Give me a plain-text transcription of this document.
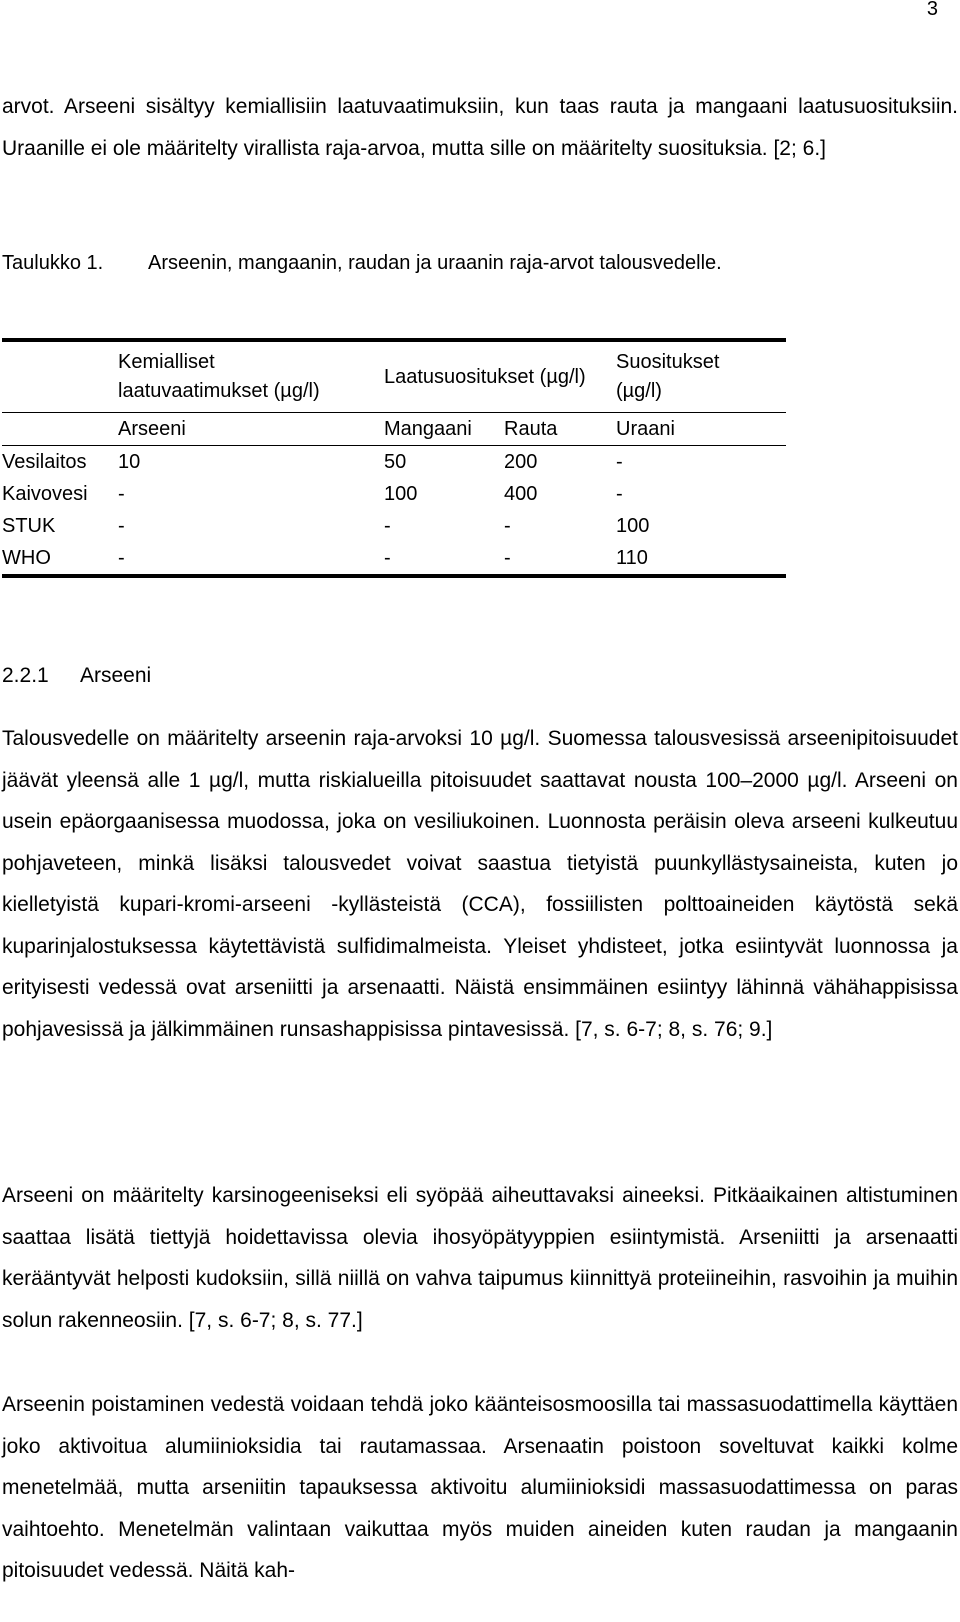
3

arvot. Arseeni sisältyy kemiallisiin laatuvaatimuksiin, kun taas rauta ja mangaani laatusuosituksiin. Uraanille ei ole määritelty virallista raja-arvoa, mutta sille on määritelty suosituksia. [2; 6.]

Taulukko 1. Arseenin, mangaanin, raudan ja uraanin raja-arvot talousvedelle.

	Kemialliset laatuvaatimukset (µg/l)	Laatusuositukset (µg/l)		Suositukset (µg/l)

	Arseeni	Mangaani	Rauta	Uraani
Vesilaitos	10	50	200	-
Kaivovesi	-	100	400	-
STUK	-	-	-	100
WHO	-	-	-	110
2.2.1 Arseeni

Talousvedelle on määritelty arseenin raja-arvoksi 10 µg/l. Suomessa talousvesissä arseenipitoisuudet jäävät yleensä alle 1 µg/l, mutta riskialueilla pitoisuudet saattavat nousta 100–2000 µg/l. Arseeni on usein epäorgaanisessa muodossa, joka on vesiliukoinen. Luonnosta peräisin oleva arseeni kulkeutuu pohjaveteen, minkä lisäksi talousvedet voivat saastua tietyistä puunkyllästysaineista, kuten jo kielletyistä kupari-kromi-arseeni -kyllästeistä (CCA), fossiilisten polttoaineiden käytöstä sekä kuparinjalostuksessa käytettävistä sulfidimalmeista. Yleiset yhdisteet, jotka esiintyvät luonnossa ja erityisesti vedessä ovat arseniitti ja arsenaatti. Näistä ensimmäinen esiintyy lähinnä vähähappisissa pohjavesissä ja jälkimmäinen runsashappisissa pintavesissä. [7, s. 6-7; 8, s. 76; 9.]

Arseeni on määritelty karsinogeeniseksi eli syöpää aiheuttavaksi aineeksi. Pitkäaikainen altistuminen saattaa lisätä tiettyjä hoidettavissa olevia ihosyöpätyyppien esiintymistä. Arseniitti ja arsenaatti kerääntyvät helposti kudoksiin, sillä niillä on vahva taipumus kiinnittyä proteiineihin, rasvoihin ja muihin solun rakenneosiin. [7, s. 6-7; 8, s. 77.]

Arseenin poistaminen vedestä voidaan tehdä joko käänteisosmoosilla tai massasuodattimella käyttäen joko aktivoitua alumiinioksidia tai rautamassaa. Arsenaatin poistoon soveltuvat kaikki kolme menetelmää, mutta arseniitin tapauksessa aktivoitu alumiinioksidi massasuodattimessa on paras vaihtoehto. Menetelmän valintaan vaikuttaa myös muiden aineiden kuten raudan ja mangaanin pitoisuudet vedessä. Näitä kah-
